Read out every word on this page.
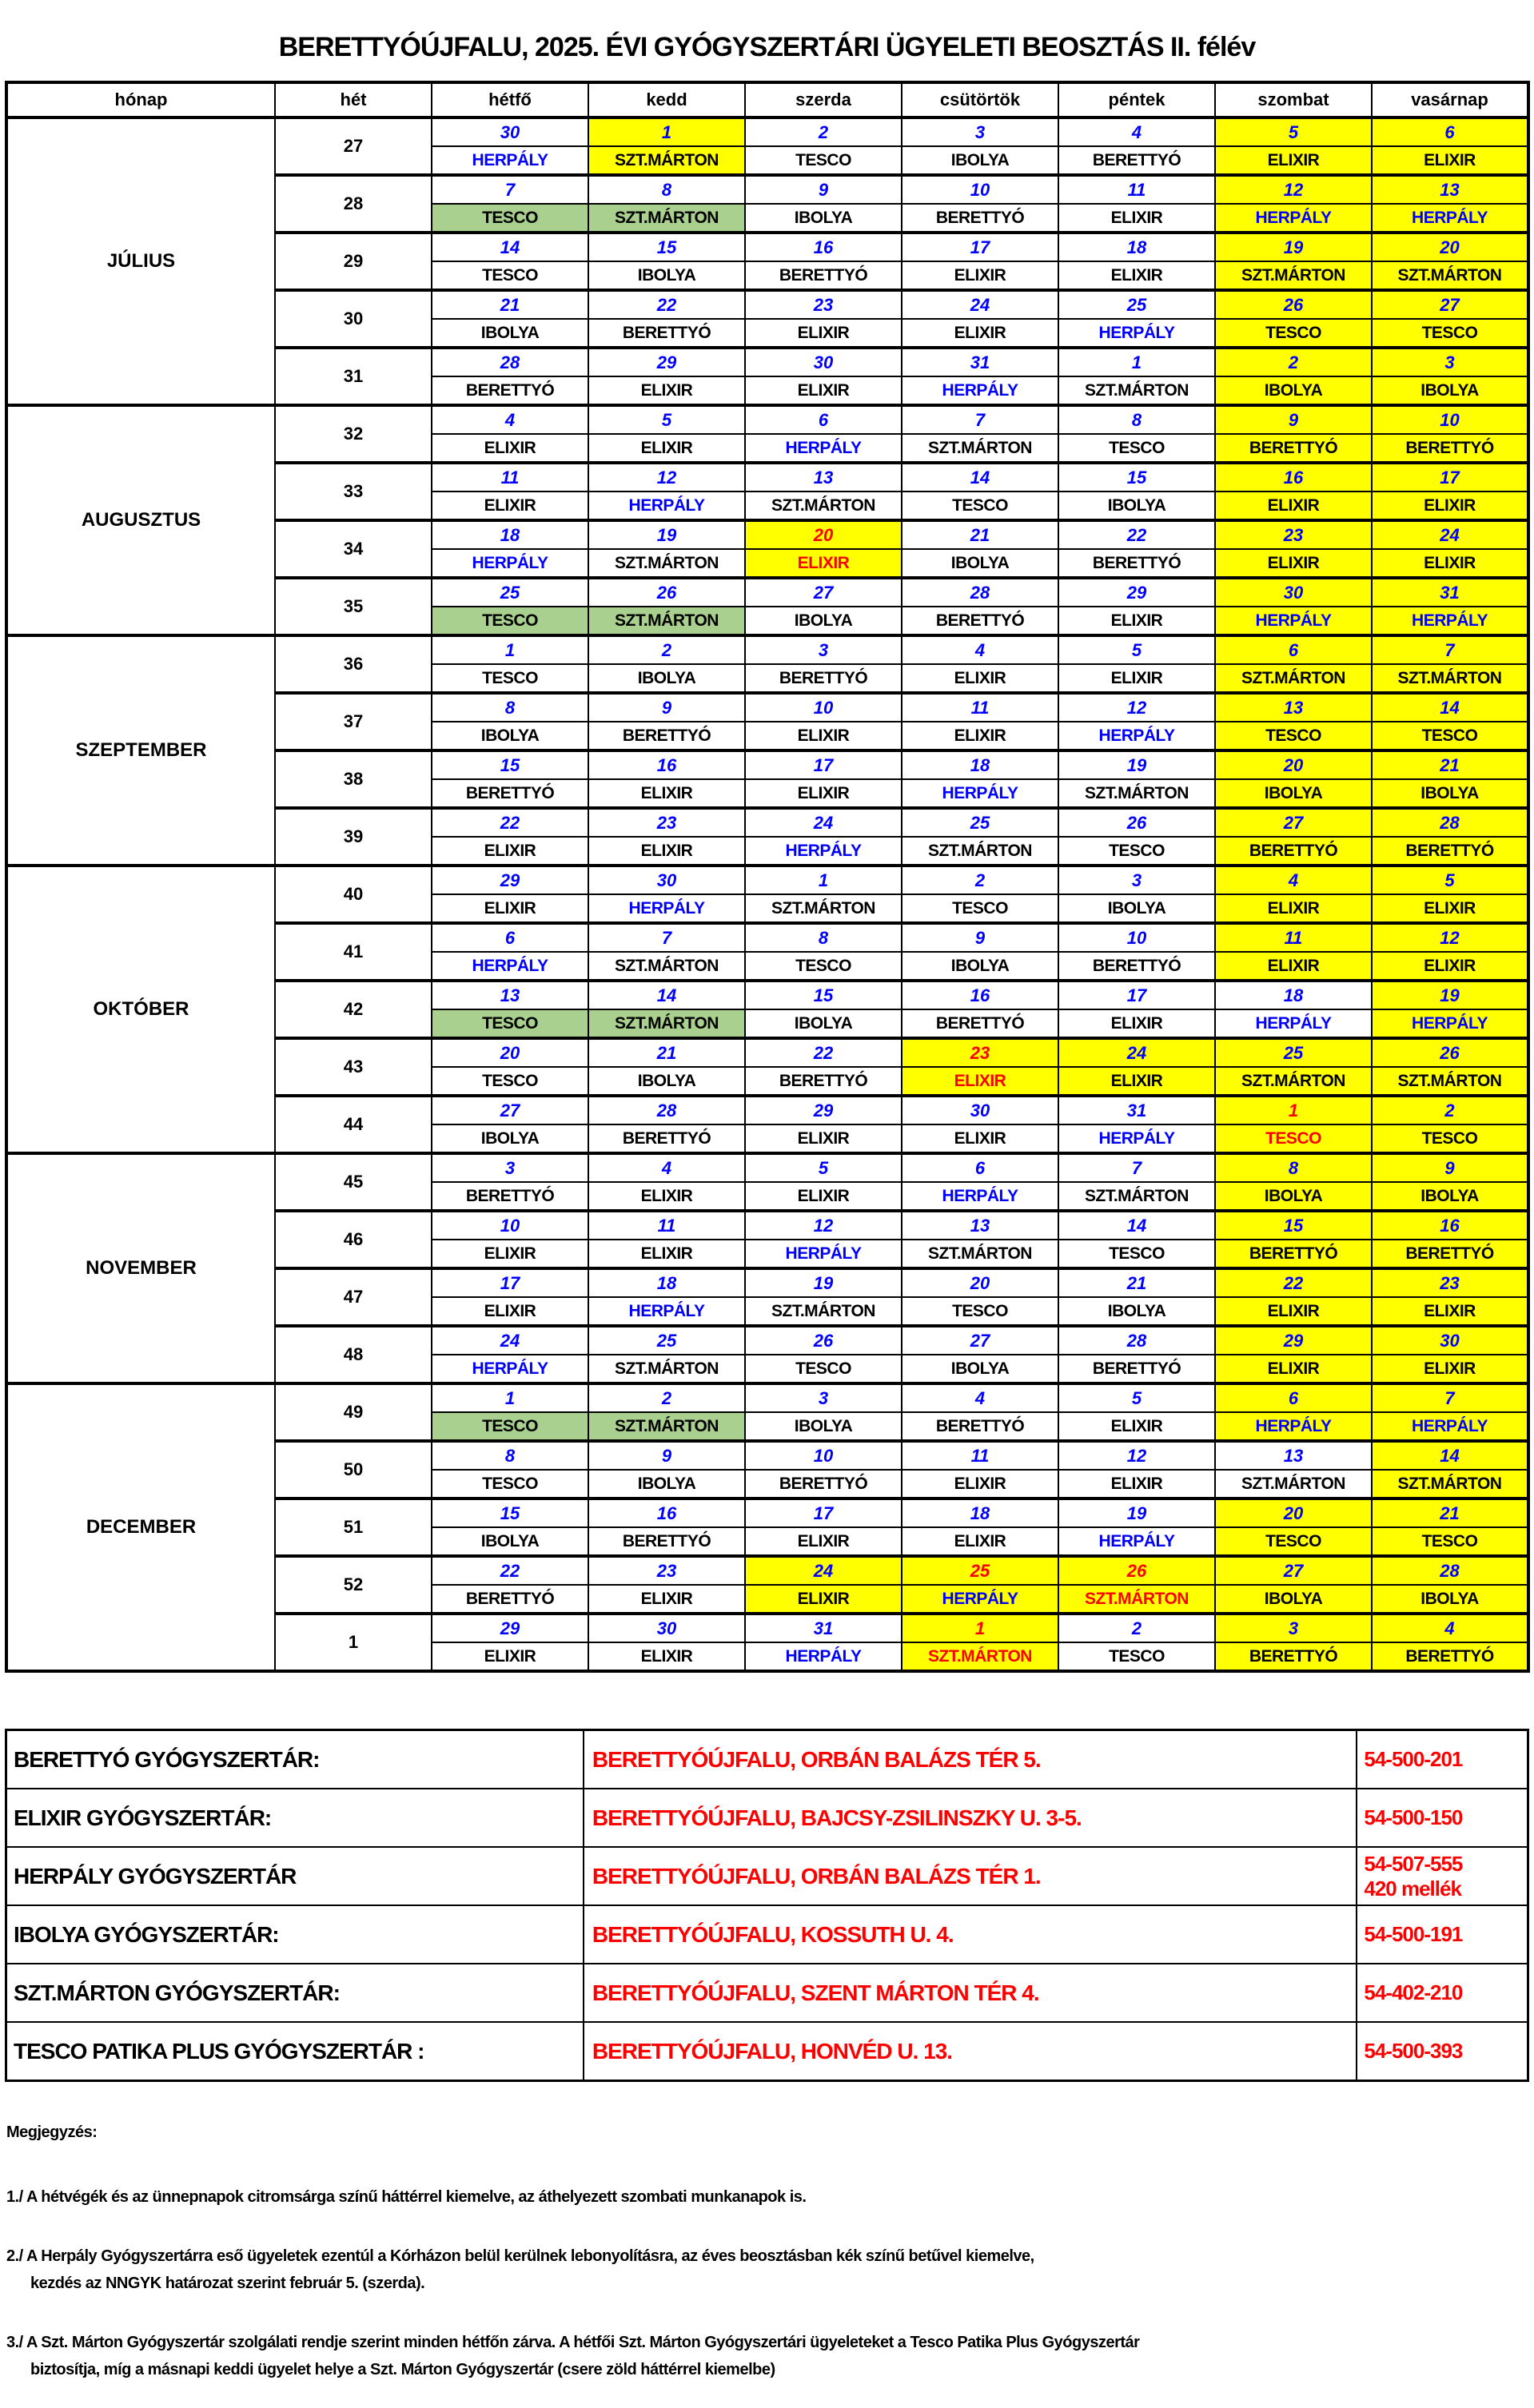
BERETTYÓÚJFALU, 2025. ÉVI GYÓGYSZERTÁRI ÜGYELETI BEOSZTÁS II. félév
hónap	hét	hétfő	kedd	szerda	csütörtök	péntek	szombat	vasárnap
JÚLIUS	27	30	1	2	3	4	5	6
		HERPÁLY	SZT.MÁRTON	TESCO	IBOLYA	BERETTYÓ	ELIXIR	ELIXIR
	28	7	8	9	10	11	12	13
		TESCO	SZT.MÁRTON	IBOLYA	BERETTYÓ	ELIXIR	HERPÁLY	HERPÁLY
	29	14	15	16	17	18	19	20
		TESCO	IBOLYA	BERETTYÓ	ELIXIR	ELIXIR	SZT.MÁRTON	SZT.MÁRTON
	30	21	22	23	24	25	26	27
		IBOLYA	BERETTYÓ	ELIXIR	ELIXIR	HERPÁLY	TESCO	TESCO
	31	28	29	30	31	1	2	3
		BERETTYÓ	ELIXIR	ELIXIR	HERPÁLY	SZT.MÁRTON	IBOLYA	IBOLYA
AUGUSZTUS	32	4	5	6	7	8	9	10
		ELIXIR	ELIXIR	HERPÁLY	SZT.MÁRTON	TESCO	BERETTYÓ	BERETTYÓ
	33	11	12	13	14	15	16	17
		ELIXIR	HERPÁLY	SZT.MÁRTON	TESCO	IBOLYA	ELIXIR	ELIXIR
	34	18	19	20	21	22	23	24
		HERPÁLY	SZT.MÁRTON	ELIXIR	IBOLYA	BERETTYÓ	ELIXIR	ELIXIR
	35	25	26	27	28	29	30	31
		TESCO	SZT.MÁRTON	IBOLYA	BERETTYÓ	ELIXIR	HERPÁLY	HERPÁLY
SZEPTEMBER	36	1	2	3	4	5	6	7
		TESCO	IBOLYA	BERETTYÓ	ELIXIR	ELIXIR	SZT.MÁRTON	SZT.MÁRTON
	37	8	9	10	11	12	13	14
		IBOLYA	BERETTYÓ	ELIXIR	ELIXIR	HERPÁLY	TESCO	TESCO
	38	15	16	17	18	19	20	21
		BERETTYÓ	ELIXIR	ELIXIR	HERPÁLY	SZT.MÁRTON	IBOLYA	IBOLYA
	39	22	23	24	25	26	27	28
		ELIXIR	ELIXIR	HERPÁLY	SZT.MÁRTON	TESCO	BERETTYÓ	BERETTYÓ
OKTÓBER	40	29	30	1	2	3	4	5
		ELIXIR	HERPÁLY	SZT.MÁRTON	TESCO	IBOLYA	ELIXIR	ELIXIR
	41	6	7	8	9	10	11	12
		HERPÁLY	SZT.MÁRTON	TESCO	IBOLYA	BERETTYÓ	ELIXIR	ELIXIR
	42	13	14	15	16	17	18	19
		TESCO	SZT.MÁRTON	IBOLYA	BERETTYÓ	ELIXIR	HERPÁLY	HERPÁLY
	43	20	21	22	23	24	25	26
		TESCO	IBOLYA	BERETTYÓ	ELIXIR	ELIXIR	SZT.MÁRTON	SZT.MÁRTON
	44	27	28	29	30	31	1	2
		IBOLYA	BERETTYÓ	ELIXIR	ELIXIR	HERPÁLY	TESCO	TESCO
NOVEMBER	45	3	4	5	6	7	8	9
		BERETTYÓ	ELIXIR	ELIXIR	HERPÁLY	SZT.MÁRTON	IBOLYA	IBOLYA
	46	10	11	12	13	14	15	16
		ELIXIR	ELIXIR	HERPÁLY	SZT.MÁRTON	TESCO	BERETTYÓ	BERETTYÓ
	47	17	18	19	20	21	22	23
		ELIXIR	HERPÁLY	SZT.MÁRTON	TESCO	IBOLYA	ELIXIR	ELIXIR
	48	24	25	26	27	28	29	30
		HERPÁLY	SZT.MÁRTON	TESCO	IBOLYA	BERETTYÓ	ELIXIR	ELIXIR
DECEMBER	49	1	2	3	4	5	6	7
		TESCO	SZT.MÁRTON	IBOLYA	BERETTYÓ	ELIXIR	HERPÁLY	HERPÁLY
	50	8	9	10	11	12	13	14
		TESCO	IBOLYA	BERETTYÓ	ELIXIR	ELIXIR	SZT.MÁRTON	SZT.MÁRTON
	51	15	16	17	18	19	20	21
		IBOLYA	BERETTYÓ	ELIXIR	ELIXIR	HERPÁLY	TESCO	TESCO
	52	22	23	24	25	26	27	28
		BERETTYÓ	ELIXIR	ELIXIR	HERPÁLY	SZT.MÁRTON	IBOLYA	IBOLYA
	1	29	30	31	1	2	3	4
		ELIXIR	ELIXIR	HERPÁLY	SZT.MÁRTON	TESCO	BERETTYÓ	BERETTYÓ
BERETTYÓ GYÓGYSZERTÁR:	BERETTYÓÚJFALU, ORBÁN BALÁZS TÉR 5.	54-500-201

ELIXIR GYÓGYSZERTÁR:	BERETTYÓÚJFALU, BAJCSY-ZSILINSZKY U. 3-5.	54-500-150

HERPÁLY GYÓGYSZERTÁR	BERETTYÓÚJFALU, ORBÁN BALÁZS TÉR 1.	54-507-555
420 mellék

IBOLYA GYÓGYSZERTÁR:	BERETTYÓÚJFALU, KOSSUTH U. 4.	54-500-191

SZT.MÁRTON GYÓGYSZERTÁR:	BERETTYÓÚJFALU, SZENT MÁRTON TÉR 4.	54-402-210

TESCO PATIKA PLUS GYÓGYSZERTÁR :	BERETTYÓÚJFALU, HONVÉD U. 13.	54-500-393
Megjegyzés:
1./ A hétvégék és az ünnepnapok citromsárga színű háttérrel kiemelve, az áthelyezett szombati munkanapok is.
2./ A Herpály Gyógyszertárra eső ügyeletek ezentúl a Kórházon belül kerülnek lebonyolításra, az éves beosztásban kék színű betűvel kiemelve,
kezdés az NNGYK határozat szerint február 5. (szerda).
3./ A Szt. Márton Gyógyszertár szolgálati rendje szerint minden hétfőn zárva. A hétfői Szt. Márton Gyógyszertári ügyeleteket a Tesco Patika Plus Gyógyszertár
biztosítja, míg a másnapi keddi ügyelet helye a Szt. Márton Gyógyszertár (csere zöld háttérrel kiemelbe)
